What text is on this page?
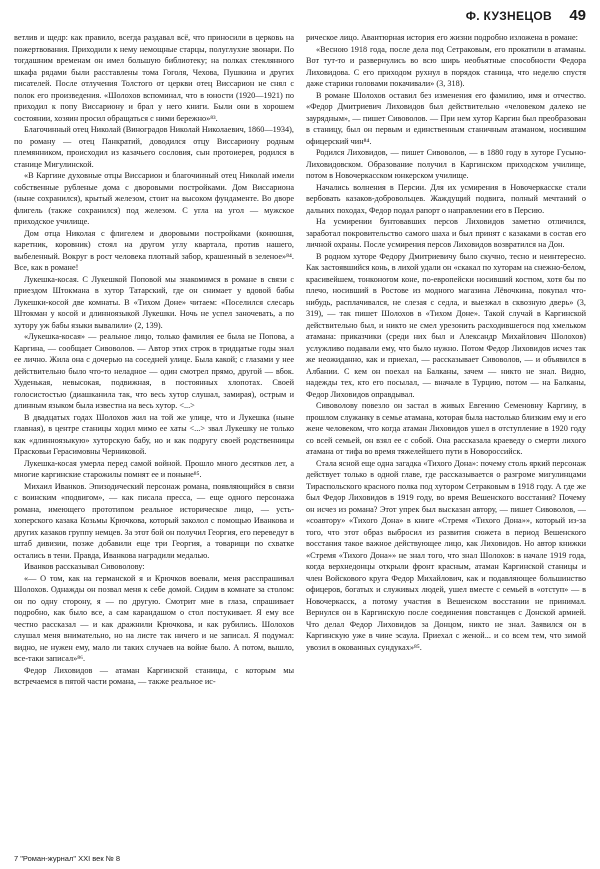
Ф. КУЗНЕЦОВ 49

ветлив и щедр: как правило, всегда раздавал всё, что приносили в церковь на пожертвования. Приходили к нему немощные старцы, полуглухие звонари. По тогдашним временам он имел большую библиотеку; на полках стеклянного шкафа рядами были расставлены тома Гоголя, Чехова, Пушкина и других писателей. После отлучения Толстого от церкви отец Виссарион не снял с полок его произведения. «Шолохов вспоминал, что в юности (1920—1921) по приходил к попу Виссариону и брал у него книги. Были они в хорошем состоянии, хозяин просил обращаться с ними бережно»⁸³.

Благочинный отец Николай (Виноградов Николай Николаевич, 1860—1934), по роману — отец Панкратий, доводился отцу Виссариону родным племянником, происходил из казачьего сословия, сын протоиерея, родился в станице Мигулинской.

«В Каргине духовные отцы Виссарион и благочинный отец Николай имели собственные рубленые дома с дворовыми постройками. Дом Виссариона (ныне сохранился), крытый железом, стоит на высоком фундаменте. Во дворе флигель (также сохранился) под железом. С угла на угол — мужское приходское училище.

Дом отца Николая с флигелем и дворовыми постройками (конюшня, каретник, коровник) стоял на другом углу квартала, против нашего, выбеленный. Вокруг в рост человека плотный забор, крашенный в зеленое»⁸⁴. Все, как в романе!

Лукешка-косая. С Лукешкой Поповой мы знакомимся в романе в связи с приездом Штокмана в хутор Татарский, где он снимает у вдовой бабы Лукешки-косой две комнаты. В «Тихом Доне» читаем: «Поселился слесарь Штокман у косой и длинноязыкой Лукешки. Ночь не успел заночевать, а по хутору уж бабы языки вывалили» (2, 139).

«Лукешка-косая» — реальное лицо, только фамилия ее была не Попова, а Каргина, — сообщает Сивоволов. — Автор этих строк в тридцатые годы знал ее лично. Жила она с дочерью на соседней улице. Была какой; с глазами у нее действительно было что-то неладное — один смотрел прямо, другой — вбок. Худенькая, невысокая, подвижная, в постоянных хлопотах. Своей голосистостью (диашканила так, что весь хутор слушал, замирая), острым и длинным языком была известна на весь хутор. <...>

В двадцатых годах Шолохов жил на той же улице, что и Лукешка (ныне главная), в центре станицы ходил мимо ее хаты <...> звал Лукешку не только как «длинноязыкую» хуторскую бабу, но и как подругу своей родственницы Прасковьи Герасимовны Черниковой.

Лукешка-косая умерла перед самой войной. Прошло много десятков лет, а многие каргинские старожилы помнят ее и поныне⁸⁵.

Михаил Иванков. Эпизодический персонаж романа, появляющийся в связи с воинским «подвигом», — как писала пресса, — еще одного персонажа романа, имеющего прототипом реальное историческое лицо, — усть-хоперского казака Козьмы Крючкова, который заколол с помощью Иванкова и других казаков группу немцев. За этот бой он получил Георгия, его переведут в штаб дивизии, позже добавили еще три Георгия, а товарищи по схватке остались в тени. Правда, Иванкова наградили медалью.

Иванков рассказывал Сивоволову:

«— О том, как на германской я и Крючков воевали, меня расспрашивал Шолохов. Однажды он позвал меня к себе домой. Сидим в комнате за столом: он по одну сторону, я — по другую. Смотрит мне в глаза, спрашивает подробно, как было все, а сам карандашом о стол постукивает. Я ему все честно рассказал — и как дражнили Крючкова, и как рубились. Шолохов слушал меня внимательно, но на листе так ничего и не записал. Я подумал: видно, не нужен ему, мало ли таких случаев на войне было. А потом, вышло, все-таки записал»⁸⁶.

Федор Лиховидов — атаман Каргинской станицы, с которым мы встречаемся в пятой части романа, — также реальное ис-

рическое лицо. Авантюрная история его жизни подробно изложена в романе:

«Весною 1918 года, после дела под Сетраковым, его прокатили в атаманы. Вот тут-то и развернулись во всю ширь необъятные способности Федора Лиховидова. С его приходом рухнул в порядок станица, что неделю спустя даже старики головами покачивали» (3, 318).

В романе Шолохов оставил без изменения его фамилию, имя и отчество. «Федор Дмитриевич Лиховидов был действительно «человеком далеко не заурядным», — пишет Сивоволов. — При нем хутор Каргин был преобразован в станицу, был он первым и единственным станичным атаманом, носившим офицерский чин⁸⁴.

Родился Лиховидов, — пишет Сивоволов, — в 1880 году в хуторе Гусыно-Лиховидовском. Образование получил в Каргинском приходском училище, потом в Новочеркасском юнкерском училище.

Начались волнения в Персии. Для их усмирения в Новочеркасске стали вербовать казаков-добровольцев. Жаждущий подвига, полный мечтаний о дальних походах, Федор подал рапорт о направлении его в Персию.

На усмирении бунтовавших персов Лиховидов заметно отличился, заработал покровительство самого шаха и был принят с казаками в состав его личной охраны. После усмирения персов Лиховидов возвратился на Дон.

В родном хуторе Федору Дмитриевичу было скучно, тесно и неинтересно. Как застоявшийся конь, в лихой удали он «скакал по хуторам на снежно-белом, красивейшем, тонконогом коне, по-европейски носивший костюм, хотя бы по плечо, носивший в Ростове из модного магазина Лёвочкина, покупал что-нибудь, расплачивался, не слезая с седла, и выезжал в сквозную дверь» (3, 319), — так пишет Шолохов в «Тихом Доне». Такой случай в Каргинской действительно был, и никто не смел урезонить расходившегося под хмельком атамана: приказчики (среди них был и Александр Михайлович Шолохов) услужливо подавали ему, что было нужно. Потом Федор Лиховидов исчез так же неожиданно, как и приехал, — рассказывает Сивоволов, — и объявился в Албании. С кем он поехал на Балканы, зачем — никто не знал. Видно, надежды тех, кто его посылал, — вначале в Турцию, потом — на Балканы, Федор Лиховидов оправдывал.

Сивоволову повезло он застал в живых Евгению Семеновну Каргину, в прошлом служанку в семье атамана, которая была настолько близким ему и его жене человеком, что когда атаман Лиховидов ушел в отступление в 1920 году со всей семьей, он взял ее с собой. Она рассказала краеведу о смерти лихого атамана от тифа во время тяжелейшего пути в Новороссийск.

Стала ясной еще одна загадка «Тихого Дона»: почему столь яркий персонаж действует только в одной главе, где рассказывается о разгроме мигулинцами Тираспольского красного полка под хутором Сетраковым в 1918 году. А где же был Федор Лиховидов в 1919 году, во время Вешенского восстания? Почему он исчез из романа? Этот упрек был высказан автору, — пишет Сивоволов, — «соавтору» «Тихого Дона» в книге «Стремя «Тихого Дона»», который из-за того, что этот образ выбросил из развития сюжета в период Вешенского восстания такое важное действующее лицо, как Лиховидов. Но автор книжки «Стремя «Тихого Дона»» не знал того, что знал Шолохов: в начале 1919 года, когда верхнедонцы открыли фронт красным, атаман Каргинской станицы и член Войскового круга Федор Михайлович, как и подавляющее большинство офицеров, богатых и служивых людей, ушел вместе с семьей в «отступ» — в Новочеркасск, а потому участия в Вешенском восстании не принимал. Вернулся он в Каргинскую после соединения повстанцев с Донской армией. Что делал Федор Лиховидов за Донцом, никто не знал. Заявился он в Каргинскую уже в чине эсаула. Приехал с женой... и со всем тем, что зимой увозил в окованных сундуках»⁸⁵.

7 "Роман-журнал" XXI век № 8
